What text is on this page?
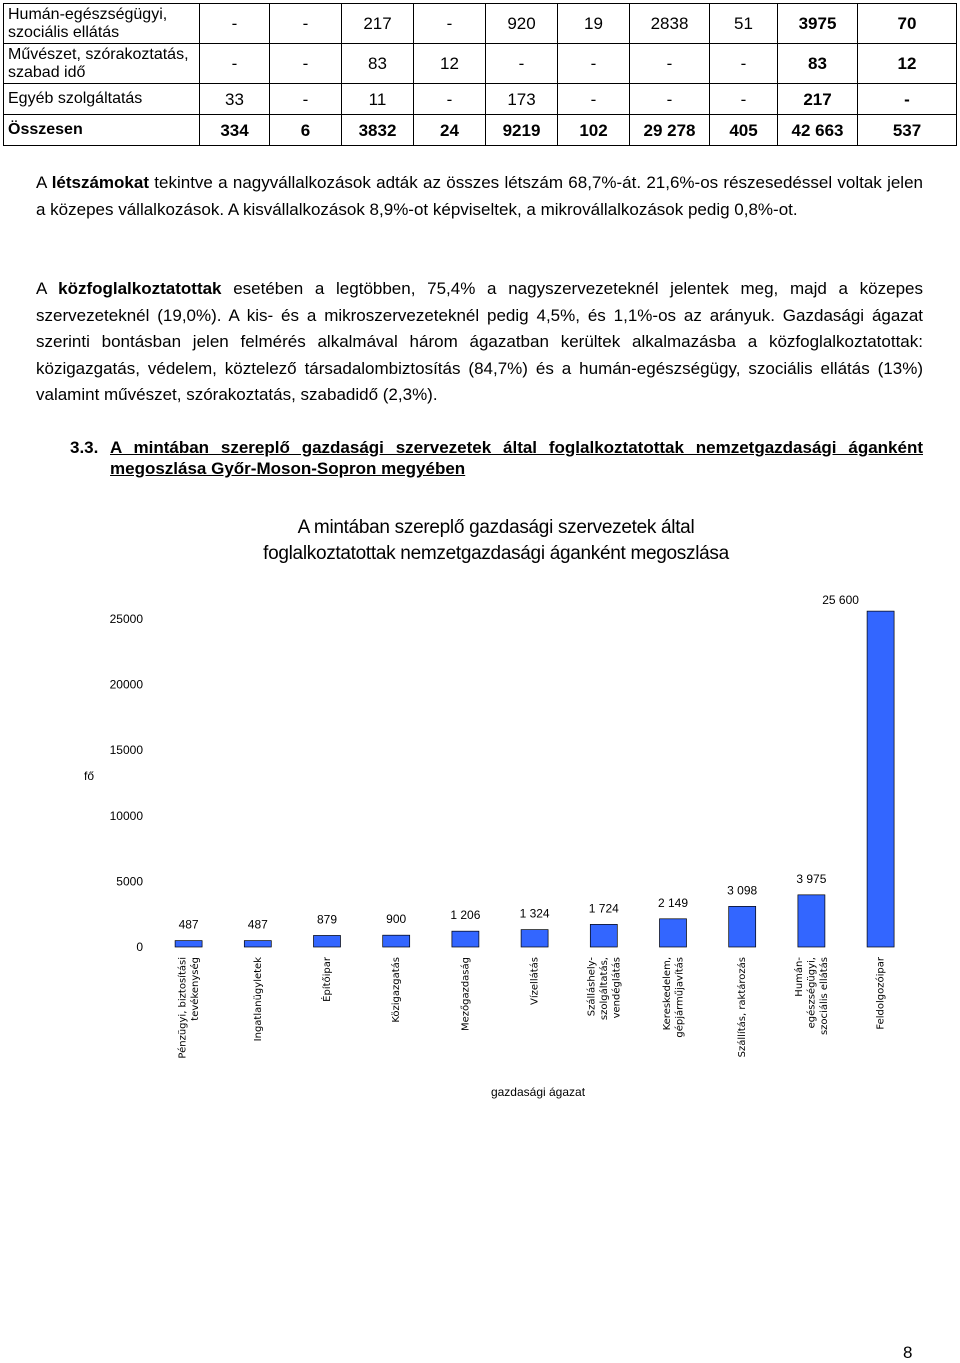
Humán-egészségügyi, szociális ellátás	-	-	217	-	920	19	2838	51	3975	70
Művészet, szórakoztatás, szabad idő	-	-	83	12	-	-	-	-	83	12
Egyéb szolgáltatás	33	-	11	-	173	-	-	-	217	-
Összesen	334	6	3832	24	9219	102	29 278	405	42 663	537

A létszámokat tekintve a nagyvállalkozások adták az összes létszám 68,7%-át. 21,6%-os részesedéssel voltak jelen a közepes vállalkozások. A kisvállalkozások 8,9%-ot képviseltek, a mikrovállalkozások pedig 0,8%-ot.

A közfoglalkoztatottak esetében a legtöbben, 75,4% a nagyszervezeteknél jelentek meg, majd a közepes szervezeteknél (19,0%). A kis- és a mikroszervezeteknél pedig 4,5%, és 1,1%-os az arányuk. Gazdasági ágazat szerinti bontásban jelen felmérés alkalmával három ágazatban kerültek alkalmazásba a közfoglalkoztatottak: közigazgatás, védelem, köztelező társadalombiztosítás (84,7%) és a humán-egészségügy, szociális ellátás (13%) valamint művészet, szórakoztatás, szabadidő (2,3%).

3.3. A mintában szereplő gazdasági szervezetek által foglalkoztatottak nemzetgazdasági áganként megoszlása Győr-Moson-Sopron megyében
A mintában szereplő gazdasági szervezetek által
foglalkoztatottak nemzetgazdasági áganként megoszlása
0
5000
10000
15000
20000
25000
fő
487
Pénzügyi, biztosítási tevékenység
487
Ingatlanügyletek
879
Építőipar
900
Közigazgatás
1 206
Mezőgazdaság
1 324
Vízellátás
1 724
Szálláshely- szolgáltatás, vendéglátás
2 149
Kereskedelem, gépjárműjavítás
3 098
Szállítás, raktározás
3 975
Humán- egészségügyi, szociális ellátás
25 600
Feldolgozóipar
gazdasági ágazat
8
